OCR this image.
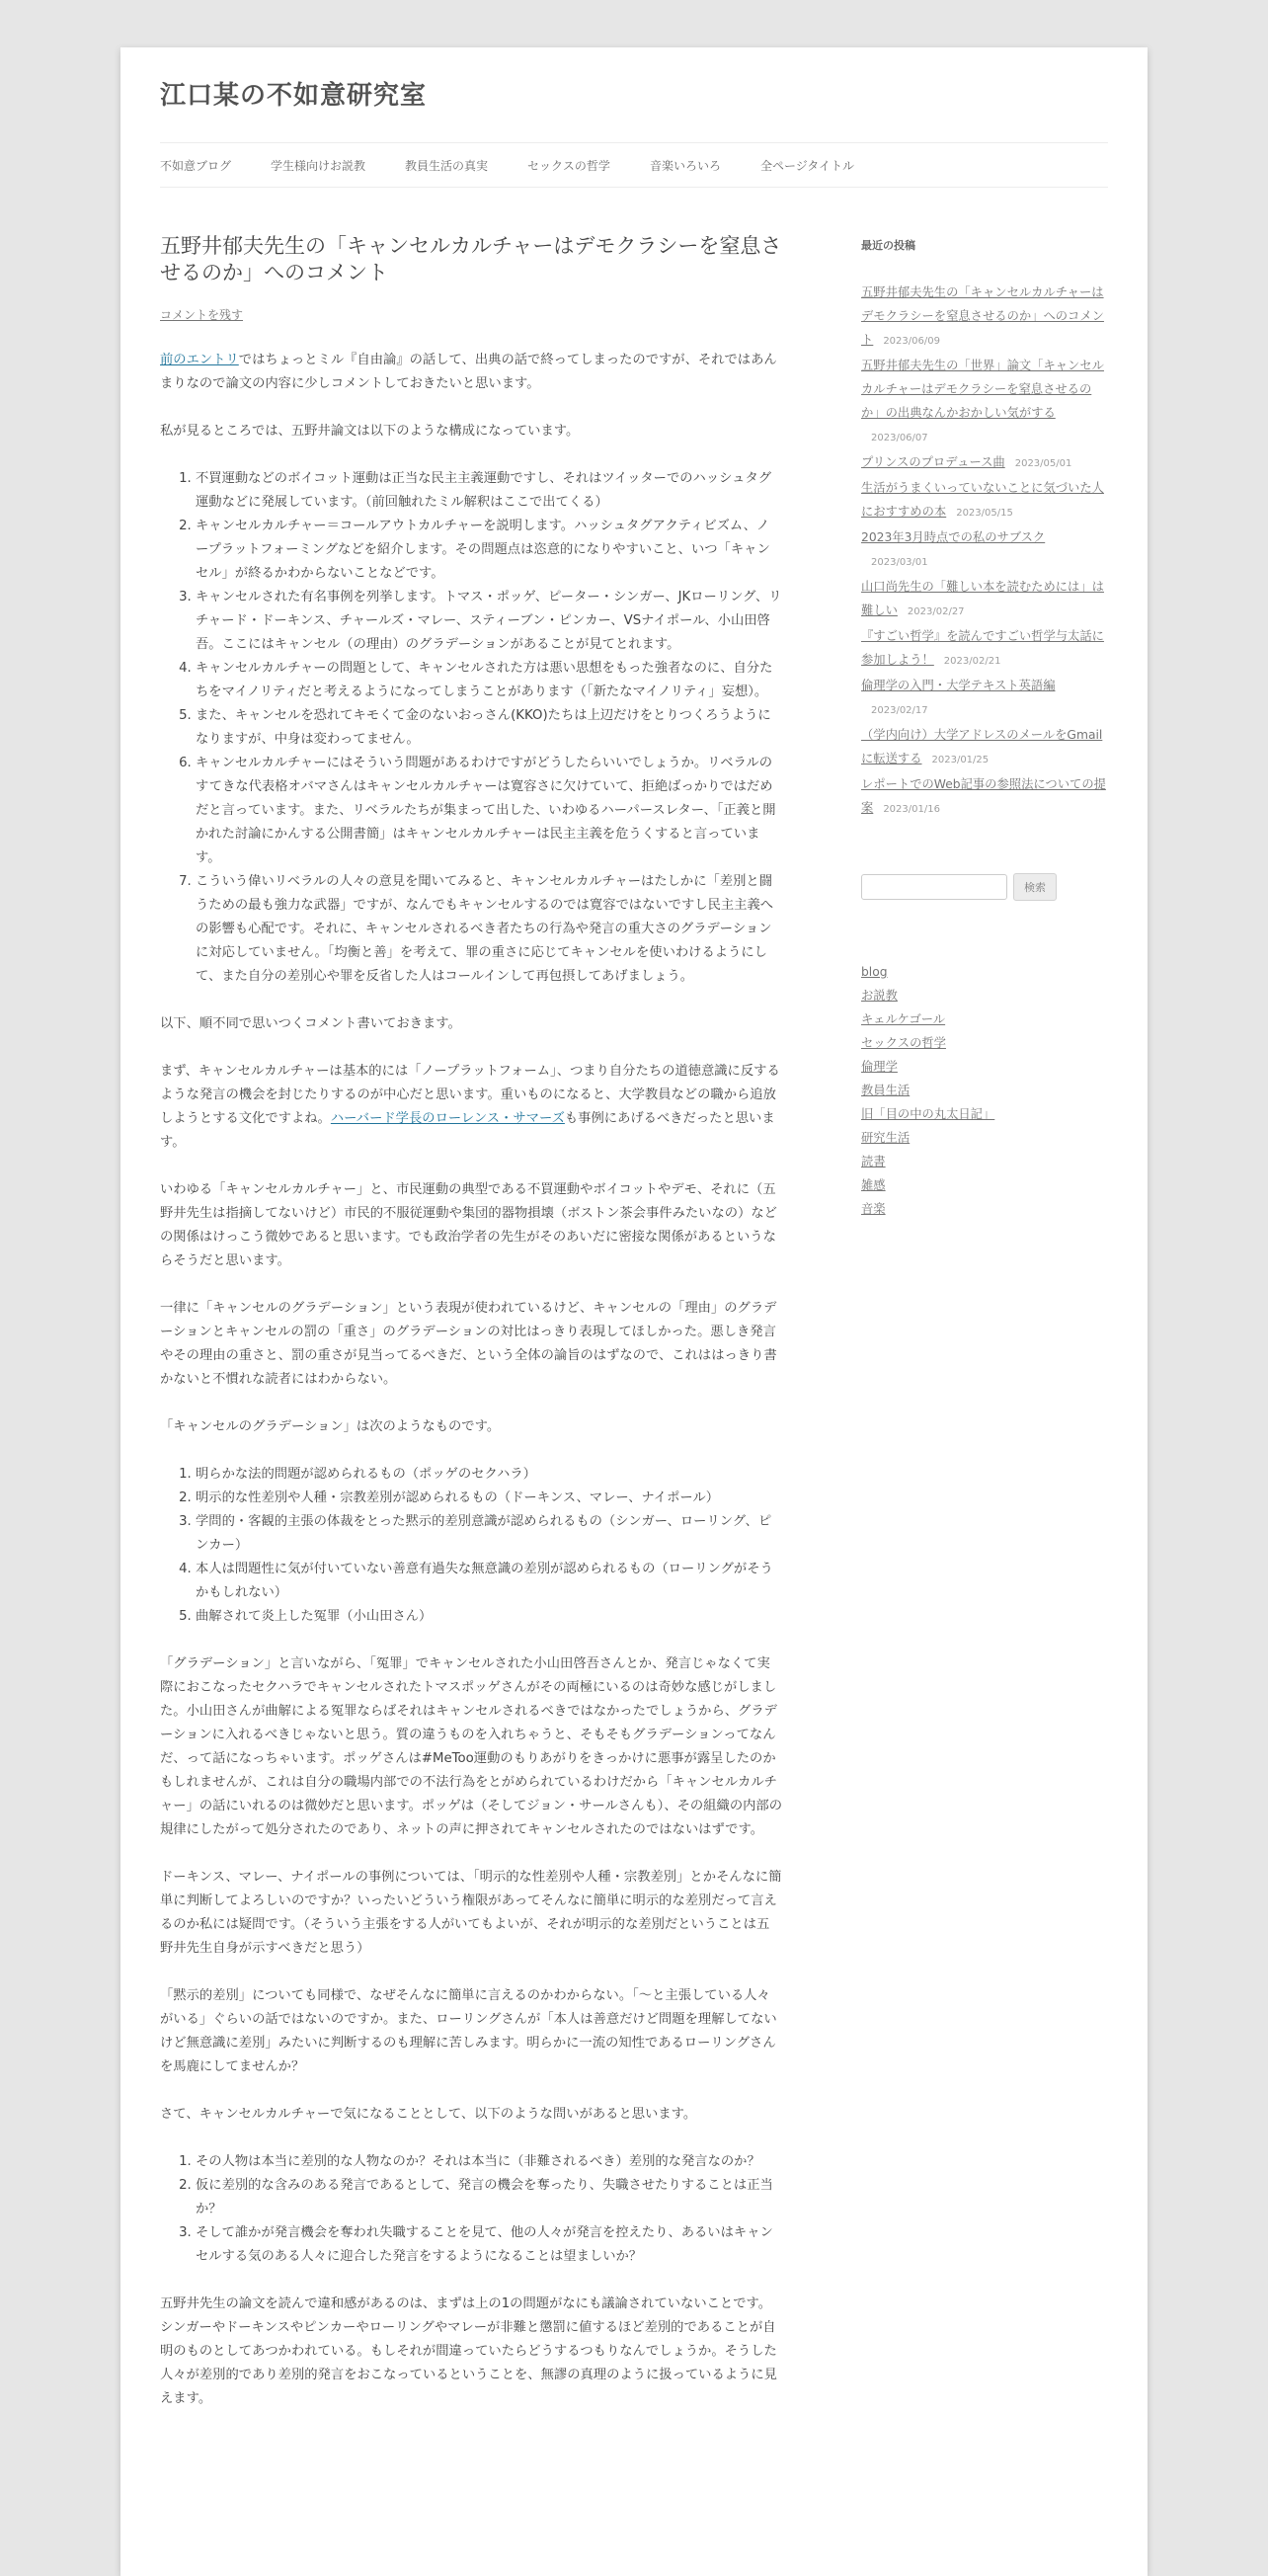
江口某の不如意研究室
不如意ブログ	学生様向けお説教	教員生活の真実	セックスの哲学	音楽いろいろ	全ページタイトル
五野井郁夫先生の「キャンセルカルチャーはデモクラシーを窒息させるのか」へのコメント
コメントを残す

前のエントリではちょっとミル『自由論』の話して、出典の話で終ってしまったのですが、それではあんまりなので論文の内容に少しコメントしておきたいと思います。

私が見るところでは、五野井論文は以下のような構成になっています。

1. 不買運動などのボイコット運動は正当な民主主義運動ですし、それはツイッターでのハッシュタグ運動などに発展しています。（前回触れたミル解釈はここで出てくる）
2. キャンセルカルチャー＝コールアウトカルチャーを説明します。ハッシュタグアクティビズム、ノープラットフォーミングなどを紹介します。その問題点は恣意的になりやすいこと、いつ「キャンセル」が終るかわからないことなどです。
3. キャンセルされた有名事例を列挙します。トマス・ポッゲ、ピーター・シンガー、JKローリング、リチャード・ドーキンス、チャールズ・マレー、スティーブン・ピンカー、VSナイポール、小山田啓吾。ここにはキャンセル（の理由）のグラデーションがあることが見てとれます。
4. キャンセルカルチャーの問題として、キャンセルされた方は悪い思想をもった強者なのに、自分たちをマイノリティだと考えるようになってしまうことがあります（「新たなマイノリティ」妄想）。
5. また、キャンセルを恐れてキモくて金のないおっさん(KKO)たちは上辺だけをとりつくろうようになりますが、中身は変わってません。
6. キャンセルカルチャーにはそういう問題があるわけですがどうしたらいいでしょうか。リベラルのすてきな代表格オバマさんはキャンセルカルチャーは寛容さに欠けていて、拒絶ばっかりではだめだと言っています。また、リベラルたちが集まって出した、いわゆるハーパースレター、「正義と開かれた討論にかんする公開書簡」はキャンセルカルチャーは民主主義を危うくすると言っています。
7. こういう偉いリベラルの人々の意見を聞いてみると、キャンセルカルチャーはたしかに「差別と闘うための最も強力な武器」ですが、なんでもキャンセルするのでは寛容ではないですし民主主義への影響も心配です。それに、キャンセルされるべき者たちの行為や発言の重大さのグラデーションに対応していません。「均衡と善」を考えて、罪の重さに応じてキャンセルを使いわけるようにして、また自分の差別心や罪を反省した人はコールインして再包摂してあげましょう。

以下、順不同で思いつくコメント書いておきます。

まず、キャンセルカルチャーは基本的には「ノープラットフォーム」、つまり自分たちの道徳意識に反するような発言の機会を封じたりするのが中心だと思います。重いものになると、大学教員などの職から追放しようとする文化ですよね。ハーバード学長のローレンス・サマーズも事例にあげるべきだったと思います。

いわゆる「キャンセルカルチャー」と、市民運動の典型である不買運動やボイコットやデモ、それに（五野井先生は指摘してないけど）市民的不服従運動や集団的器物損壊（ボストン茶会事件みたいなの）などの関係はけっこう微妙であると思います。でも政治学者の先生がそのあいだに密接な関係があるというならそうだと思います。

一律に「キャンセルのグラデーション」という表現が使われているけど、キャンセルの「理由」のグラデーションとキャンセルの罰の「重さ」のグラデーションの対比はっきり表現してほしかった。悪しき発言やその理由の重さと、罰の重さが見当ってるべきだ、という全体の論旨のはずなので、これははっきり書かないと不慣れな読者にはわからない。

「キャンセルのグラデーション」は次のようなものです。

1. 明らかな法的問題が認められるもの（ポッゲのセクハラ）
2. 明示的な性差別や人種・宗教差別が認められるもの（ドーキンス、マレー、ナイポール）
3. 学問的・客観的主張の体裁をとった黙示的差別意識が認められるもの（シンガー、ローリング、ピンカー）
4. 本人は問題性に気が付いていない善意有過失な無意識の差別が認められるもの（ローリングがそうかもしれない）
5. 曲解されて炎上した冤罪（小山田さん）

「グラデーション」と言いながら、「冤罪」でキャンセルされた小山田啓吾さんとか、発言じゃなくて実際におこなったセクハラでキャンセルされたトマスポッゲさんがその両極にいるのは奇妙な感じがしました。小山田さんが曲解による冤罪ならばそれはキャンセルされるべきではなかったでしょうから、グラデーションに入れるべきじゃないと思う。質の違うものを入れちゃうと、そもそもグラデーションってなんだ、って話になっちゃいます。ポッゲさんは#MeToo運動のもりあがりをきっかけに悪事が露呈したのかもしれませんが、これは自分の職場内部での不法行為をとがめられているわけだから「キャンセルカルチャー」の話にいれるのは微妙だと思います。ポッゲは（そしてジョン・サールさんも）、その組織の内部の規律にしたがって処分されたのであり、ネットの声に押されてキャンセルされたのではないはずです。

ドーキンス、マレー、ナイポールの事例については、「明示的な性差別や人種・宗教差別」とかそんなに簡単に判断してよろしいのですか？いったいどういう権限があってそんなに簡単に明示的な差別だって言えるのか私には疑問です。（そういう主張をする人がいてもよいが、それが明示的な差別だということは五野井先生自身が示すべきだと思う）

「黙示的差別」についても同様で、なぜそんなに簡単に言えるのかわからない。「〜と主張している人々がいる」ぐらいの話ではないのですか。また、ローリングさんが「本人は善意だけど問題を理解してないけど無意識に差別」みたいに判断するのも理解に苦しみます。明らかに一流の知性であるローリングさんを馬鹿にしてませんか？

さて、キャンセルカルチャーで気になることとして、以下のような問いがあると思います。

1. その人物は本当に差別的な人物なのか？それは本当に（非難されるべき）差別的な発言なのか？
2. 仮に差別的な含みのある発言であるとして、発言の機会を奪ったり、失職させたりすることは正当か？
3. そして誰かが発言機会を奪われ失職することを見て、他の人々が発言を控えたり、あるいはキャンセルする気のある人々に迎合した発言をするようになることは望ましいか？

五野井先生の論文を読んで違和感があるのは、まずは上の1の問題がなにも議論されていないことです。シンガーやドーキンスやピンカーやローリングやマレーが非難と懲罰に値するほど差別的であることが自明のものとしてあつかわれている。もしそれが間違っていたらどうするつもりなんでしょうか。そうした人々が差別的であり差別的発言をおこなっているということを、無謬の真理のように扱っているように見えます。

最近の投稿
五野井郁夫先生の「キャンセルカルチャーはデモクラシーを窒息させるのか」へのコメント 2023/06/09
五野井郁夫先生の「世界」論文「キャンセルカルチャーはデモクラシーを窒息させるのか」の出典なんかおかしい気がする
2023/06/07
プリンスのプロデュース曲 2023/05/01
生活がうまくいっていないことに気づいた人におすすめの本 2023/05/15
2023年3月時点での私のサブスク
2023/03/01
山口尚先生の「難しい本を読むためには」は難しい 2023/02/27
『すごい哲学』を読んですごい哲学与太話に参加しよう！ 2023/02/21
倫理学の入門・大学テキスト英語編
2023/02/17
（学内向け）大学アドレスのメールをGmailに転送する 2023/01/25
レポートでのWeb記事の参照法についての提案 2023/01/16
検索
blog
お説教
キェルケゴール
セックスの哲学
倫理学
教員生活
旧「目の中の丸太日記」
研究生活
読書
雑感
音楽
